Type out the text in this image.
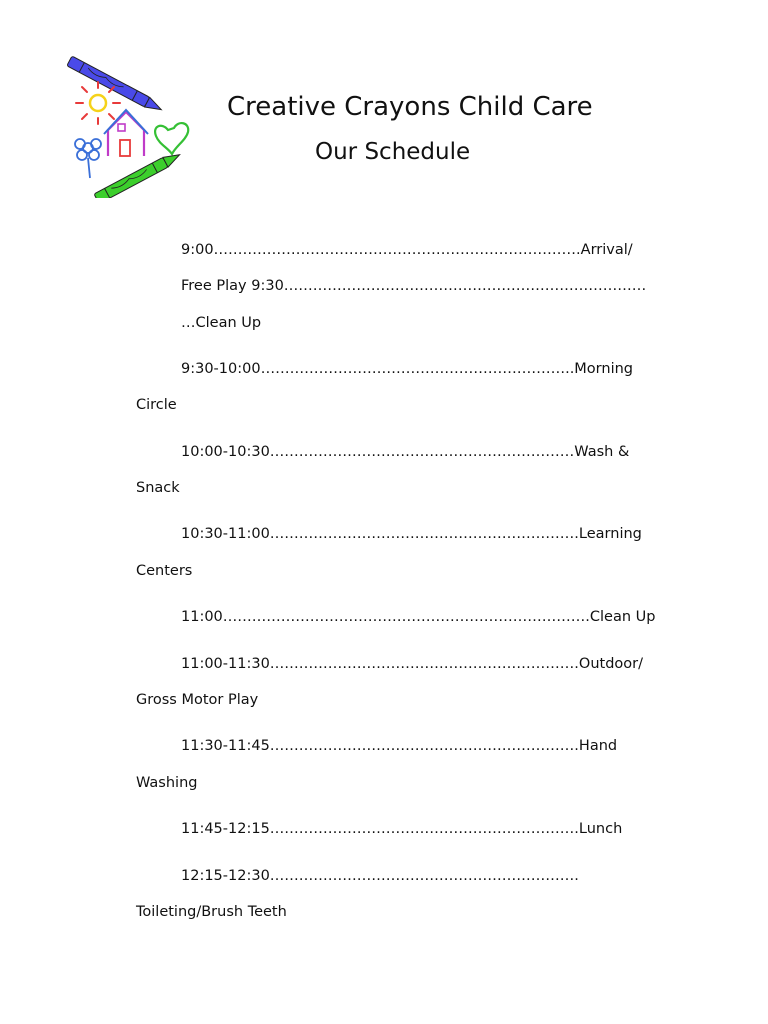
Creative Crayons Child Care
Our Schedule
9:00………………………………………………………………….Arrival/
Free Play 9:30…………………………………………………………………
…Clean Up
9:30-10:00………………………………………………………..Morning
Circle
10:00-10:30………………………………………………………Wash &
Snack
10:30-11:00……………………………………………………….Learning
Centers
11:00………………………………………………………………….Clean Up
11:00-11:30……………………………………………………….Outdoor/
Gross Motor Play
11:30-11:45……………………………………………………….Hand
Washing
11:45-12:15……………………………………………………….Lunch
12:15-12:30……………………………………………………….
Toileting/Brush Teeth
